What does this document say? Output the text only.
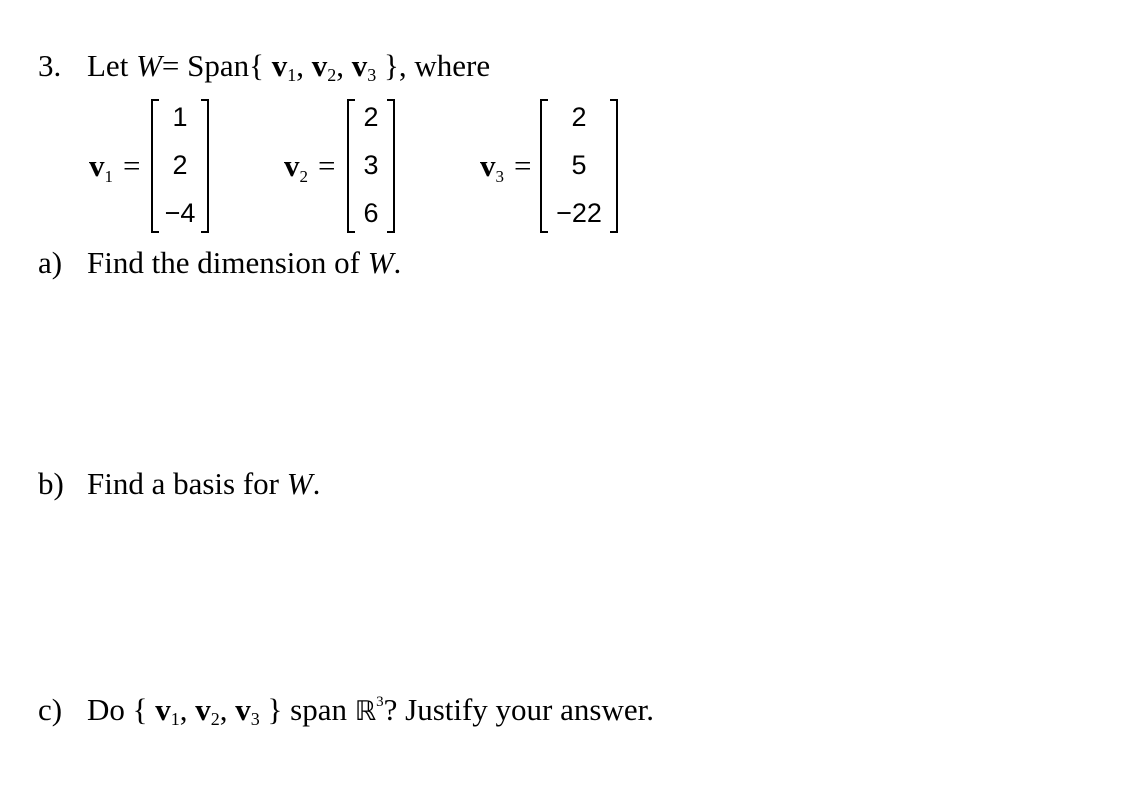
3. Let W= Span{ $v_1$, $v_2$, $v_3$ }, where
$v_1$ =
1
2
−4
$v_2$ =
2
3
6
$v_3$ =
2
5
−22
a) Find the dimension of W.
b) Find a basis for W.
c) Do { $v_1$, $v_2$, $v_3$ } span ℝ$^3$? Justify your answer.
